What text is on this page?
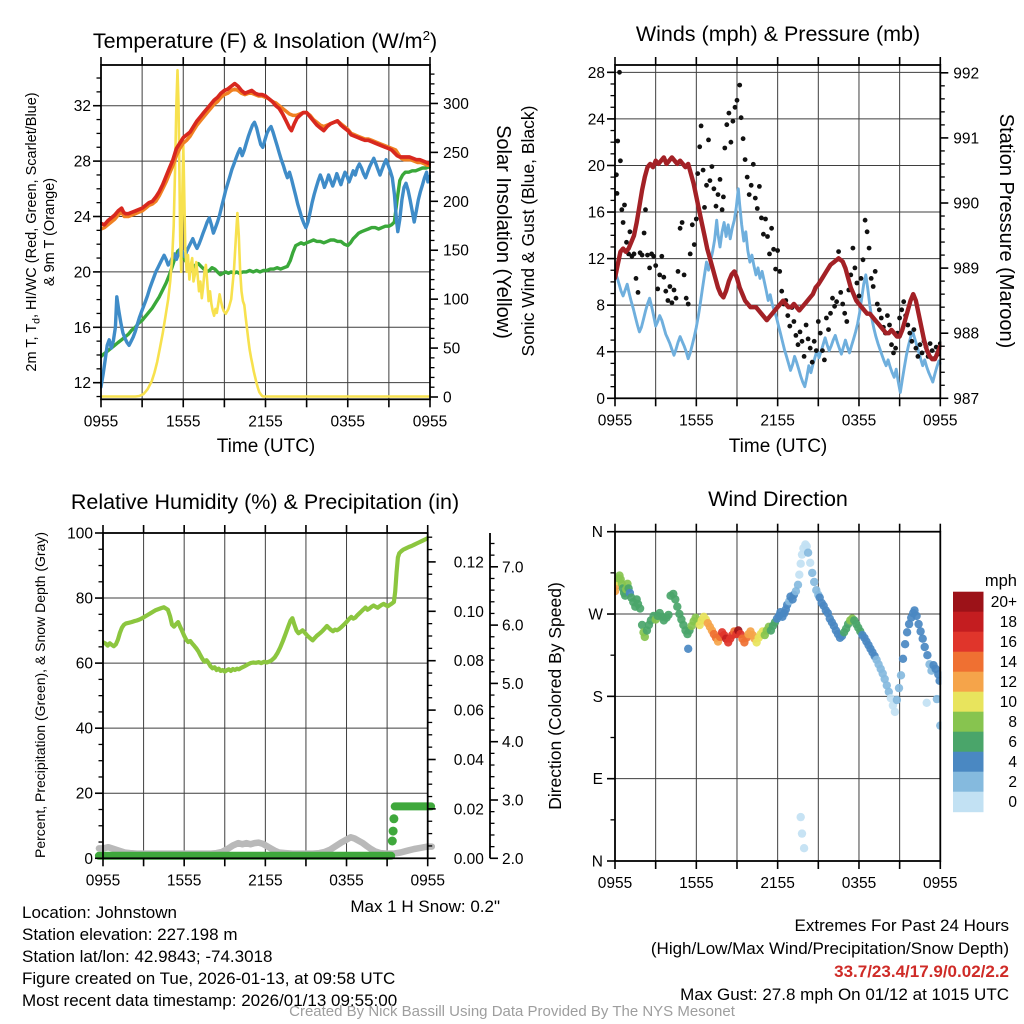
0955	1555	2155	0355	0955
12
16
20
24
28
32
0
50
100
150
200
250
300
2m T, $T_d$, HI/WC (Red, Green, Scarlet/Blue) & 9m T (Orange)	Solar Insolation (Yellow)
0955	1555	2155	0355	0955
0
4
8
12
16
20
24
28
987
988
989
990
991
992
Sonic Wind & Gust (Blue, Black)	Station Pressure (Maroon)
0955	1555	2155	0355	0955
0
20
40
60
80
100
0.00
0.02
0.04
0.06
0.08
0.10
0.12
2.0
3.0
4.0
5.0
6.0
7.0
Percent, Precipitation (Green), & Snow Depth (Gray)
0955	1555	2155	0355	0955
N
E
S
W
N
Direction (Colored By Speed)
mph
20+
18
16
14
12
10
8
6
4
2
0
Temperature (F) & Insolation $(W/m^2)$	Winds (mph) & Pressure (mb)
Relative Humidity (%) & Precipitation (in)	Wind Direction
Time (UTC)	Time (UTC)
Location: Johnstown
Station elevation: 227.198 m
Station lat/lon: 42.9843; -74.3018
Figure created on Tue, 2026-01-13, at 09:58 UTC
Most recent data timestamp: 2026/01/13 09:55:00
Max 1 H Snow: 0.2"
Extremes For Past 24 Hours
(High/Low/Max Wind/Precipitation/Snow Depth)
33.7/23.4/17.9/0.02/2.2
Max Gust: 27.8 mph On 01/12 at 1015 UTC
Created By Nick Bassill Using Data Provided By The NYS Mesonet
